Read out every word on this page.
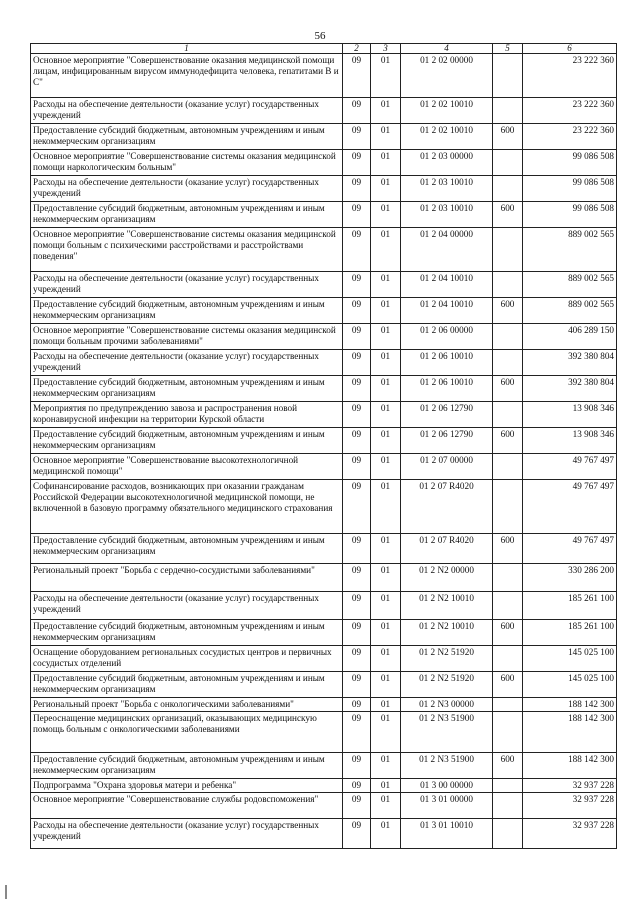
56
1	2	3	4	5	6
Основное мероприятие "Совершенствование оказания медицинской помощи лицам, инфицированным вирусом иммунодефицита человека, гепатитами В и С"	09	01	01 2 02 00000		23 222 360
Расходы на обеспечение деятельности (оказание услуг) государственных учреждений	09	01	01 2 02 10010		23 222 360
Предоставление субсидий бюджетным, автономным учреждениям и иным некоммерческим организациям	09	01	01 2 02 10010	600	23 222 360
Основное мероприятие "Совершенствование системы оказания медицинской помощи наркологическим больным"	09	01	01 2 03 00000		99 086 508
Расходы на обеспечение деятельности (оказание услуг) государственных учреждений	09	01	01 2 03 10010		99 086 508
Предоставление субсидий бюджетным, автономным учреждениям и иным некоммерческим организациям	09	01	01 2 03 10010	600	99 086 508
Основное мероприятие "Совершенствование системы оказания медицинской помощи больным с психическими расстройствами и расстройствами поведения"	09	01	01 2 04 00000		889 002 565
Расходы на обеспечение деятельности (оказание услуг) государственных учреждений	09	01	01 2 04 10010		889 002 565
Предоставление субсидий бюджетным, автономным учреждениям и иным некоммерческим организациям	09	01	01 2 04 10010	600	889 002 565
Основное мероприятие "Совершенствование системы оказания медицинской помощи больным прочими заболеваниями"	09	01	01 2 06 00000		406 289 150
Расходы на обеспечение деятельности (оказание услуг) государственных учреждений	09	01	01 2 06 10010		392 380 804
Предоставление субсидий бюджетным, автономным учреждениям и иным некоммерческим организациям	09	01	01 2 06 10010	600	392 380 804
Мероприятия по предупреждению завоза и распространения новой коронавирусной инфекции на территории Курской области	09	01	01 2 06 12790		13 908 346
Предоставление субсидий бюджетным, автономным учреждениям и иным некоммерческим организациям	09	01	01 2 06 12790	600	13 908 346
Основное мероприятие "Совершенствование высокотехнологичной медицинской помощи"	09	01	01 2 07 00000		49 767 497
Софинансирование расходов, возникающих при оказании гражданам Российской Федерации высокотехнологичной медицинской помощи, не включенной в базовую программу обязательного медицинского страхования	09	01	01 2 07 R4020		49 767 497
Предоставление субсидий бюджетным, автономным учреждениям и иным некоммерческим организациям	09	01	01 2 07 R4020	600	49 767 497
Региональный проект "Борьба с сердечно-сосудистыми заболеваниями"	09	01	01 2 N2 00000		330 286 200
Расходы на обеспечение деятельности (оказание услуг) государственных учреждений	09	01	01 2 N2 10010		185 261 100
Предоставление субсидий бюджетным, автономным учреждениям и иным некоммерческим организациям	09	01	01 2 N2 10010	600	185 261 100
Оснащение оборудованием региональных сосудистых центров и первичных сосудистых отделений	09	01	01 2 N2 51920		145 025 100
Предоставление субсидий бюджетным, автономным учреждениям и иным некоммерческим организациям	09	01	01 2 N2 51920	600	145 025 100
Региональный проект "Борьба с онкологическими заболеваниями"	09	01	01 2 N3 00000		188 142 300
Переоснащение медицинских организаций, оказывающих медицинскую помощь больным с онкологическими заболеваниями	09	01	01 2 N3 51900		188 142 300
Предоставление субсидий бюджетным, автономным учреждениям и иным некоммерческим организациям	09	01	01 2 N3 51900	600	188 142 300
Подпрограмма "Охрана здоровья матери и ребенка"	09	01	01 3 00 00000		32 937 228
Основное мероприятие "Совершенствование службы родовспоможения"	09	01	01 3 01 00000		32 937 228
Расходы на обеспечение деятельности (оказание услуг) государственных учреждений	09	01	01 3 01 10010		32 937 228
